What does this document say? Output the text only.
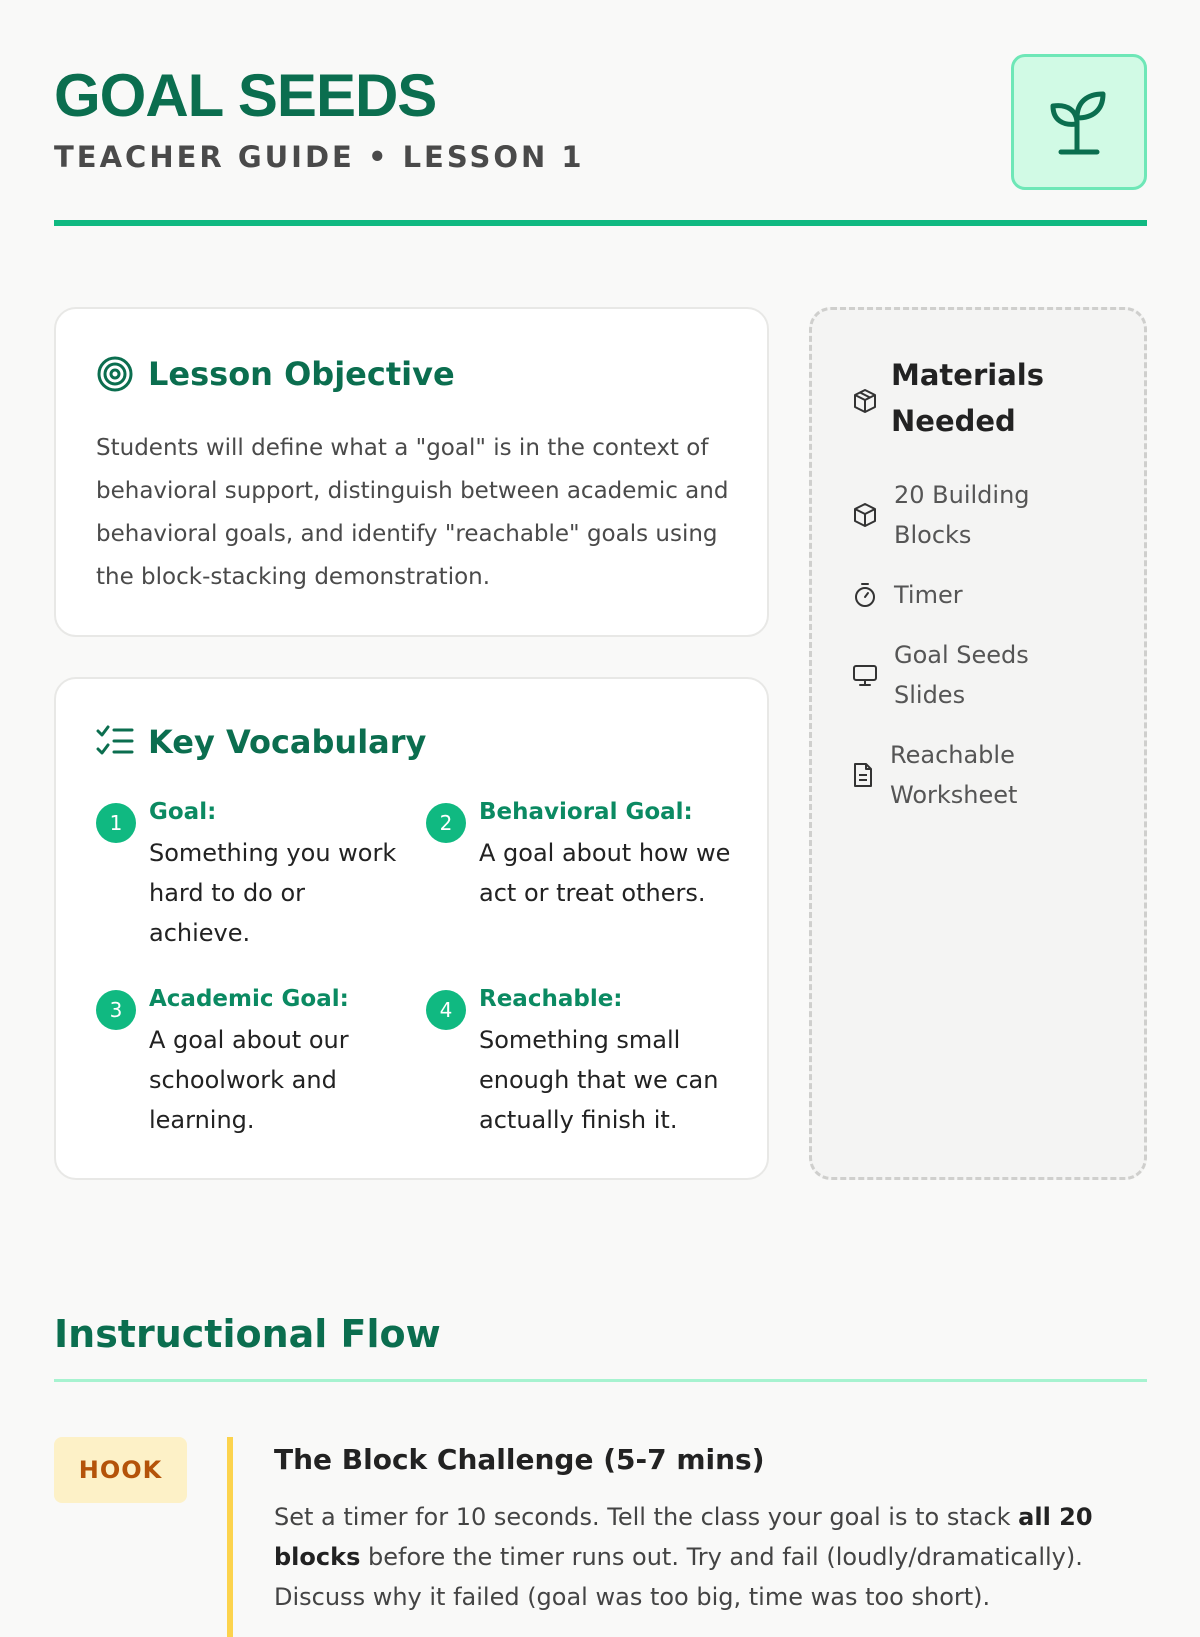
GOAL SEEDS
TEACHER GUIDE • LESSON 1
Lesson Objective
Students will define what a "goal" is in the context of behavioral support, distinguish between academic and behavioral goals, and identify "reachable" goals using the block-stacking demonstration.
Key Vocabulary
1	Goal:
Something you work hard to do or achieve.
2	Behavioral Goal:
A goal about how we act or treat others.
3	Academic Goal:
A goal about our schoolwork and learning.
4	Reachable:
Something small enough that we can actually finish it.
Materials Needed
20 Building Blocks
Timer
Goal Seeds Slides
Reachable Worksheet
Instructional Flow
HOOK	The Block Challenge (5-7 mins)
Set a timer for 10 seconds. Tell the class your goal is to stack all 20 blocks before the timer runs out. Try and fail (loudly/dramatically). Discuss why it failed (goal was too big, time was too short).
